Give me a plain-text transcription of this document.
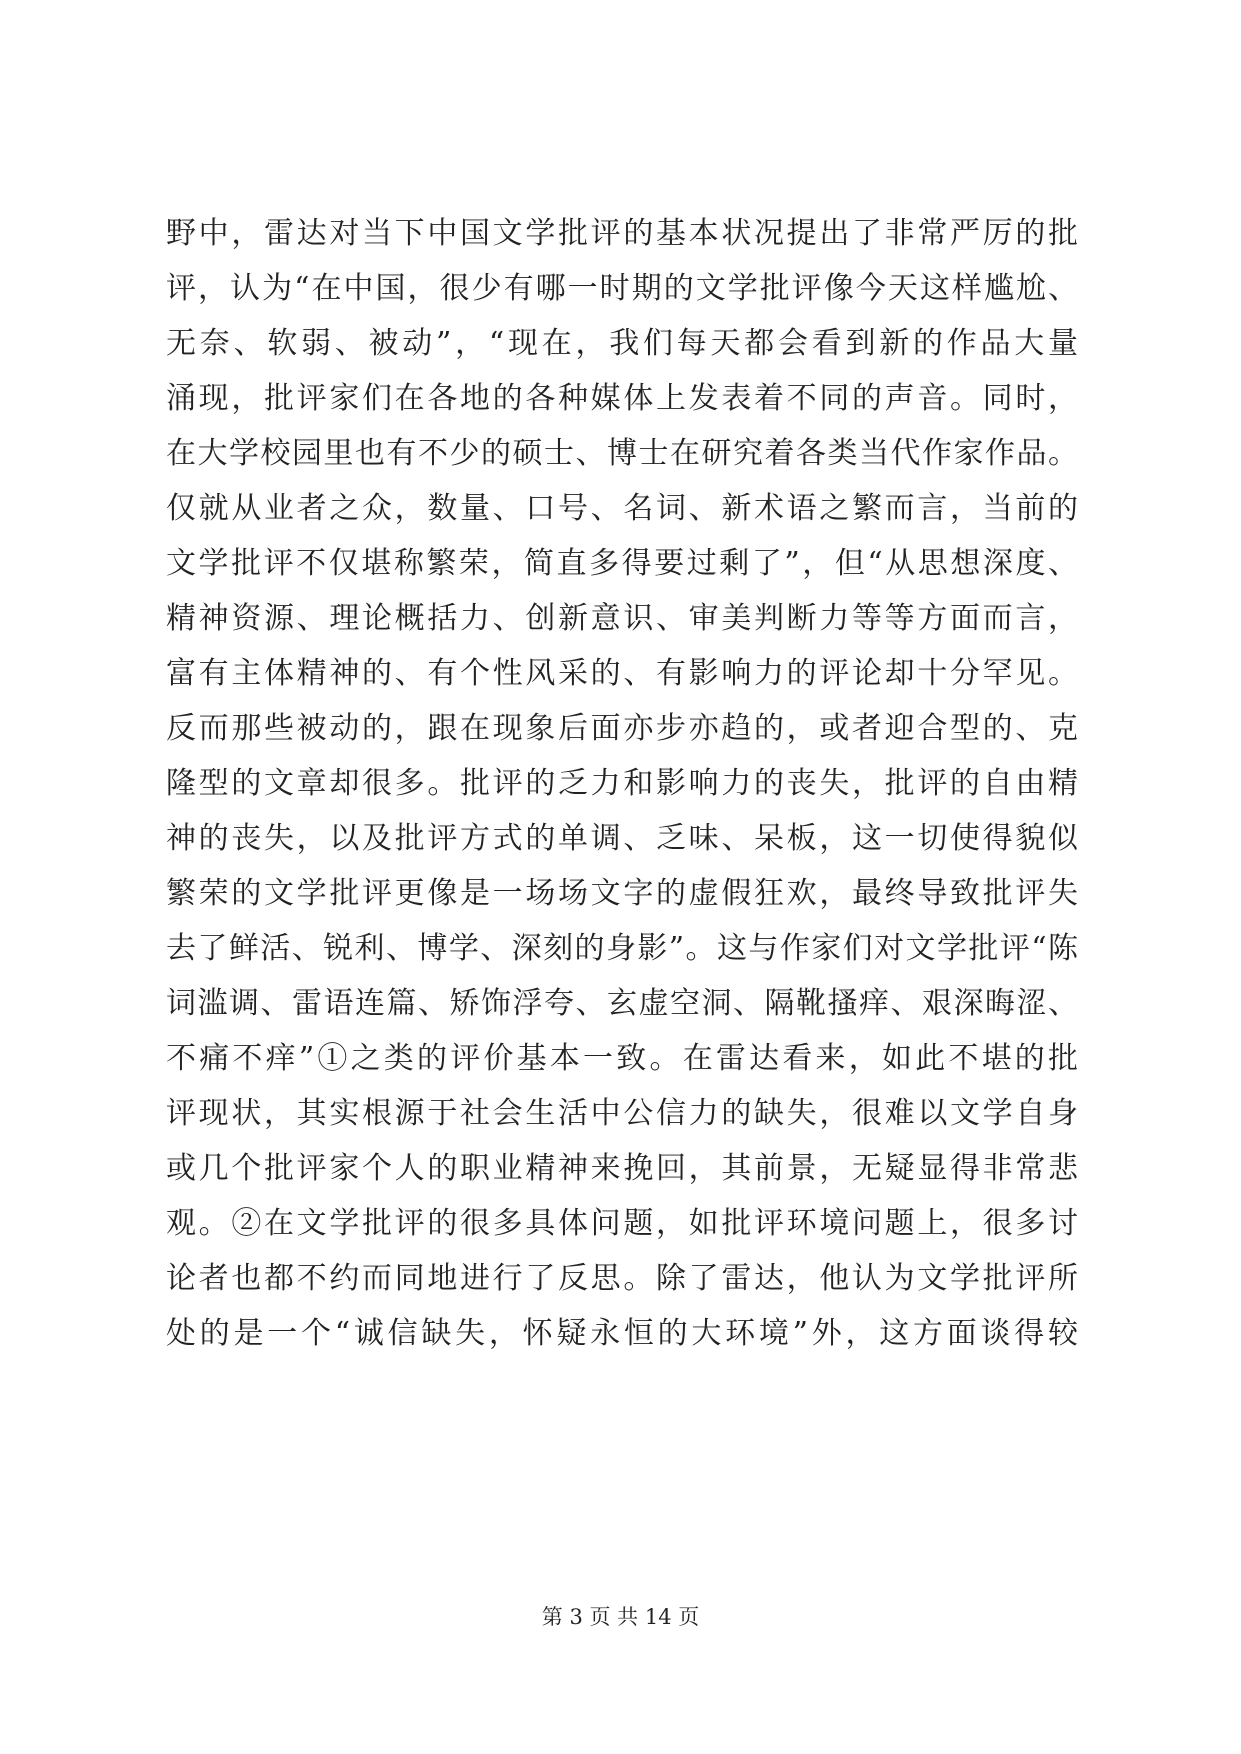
野中，雷达对当下中国文学批评的基本状况提出了非常严厉的批
评，认为“在中国，很少有哪一时期的文学批评像今天这样尴尬、
无奈、软弱、被动”，“现在，我们每天都会看到新的作品大量
涌现，批评家们在各地的各种媒体上发表着不同的声音。同时，
在大学校园里也有不少的硕士、博士在研究着各类当代作家作品。
仅就从业者之众，数量、口号、名词、新术语之繁而言，当前的
文学批评不仅堪称繁荣，简直多得要过剩了”，但“从思想深度、
精神资源、理论概括力、创新意识、审美判断力等等方面而言，
富有主体精神的、有个性风采的、有影响力的评论却十分罕见。
反而那些被动的，跟在现象后面亦步亦趋的，或者迎合型的、克
隆型的文章却很多。批评的乏力和影响力的丧失，批评的自由精
神的丧失，以及批评方式的单调、乏味、呆板，这一切使得貌似
繁荣的文学批评更像是一场场文字的虚假狂欢，最终导致批评失
去了鲜活、锐利、博学、深刻的身影”。这与作家们对文学批评“陈
词滥调、雷语连篇、矫饰浮夸、玄虚空洞、隔靴搔痒、艰深晦涩、
不痛不痒”①之类的评价基本一致。在雷达看来，如此不堪的批
评现状，其实根源于社会生活中公信力的缺失，很难以文学自身
或几个批评家个人的职业精神来挽回，其前景，无疑显得非常悲
观。②在文学批评的很多具体问题，如批评环境问题上，很多讨
论者也都不约而同地进行了反思。除了雷达，他认为文学批评所
处的是一个“诚信缺失，怀疑永恒的大环境”外，这方面谈得较
第 3 页 共 14 页
